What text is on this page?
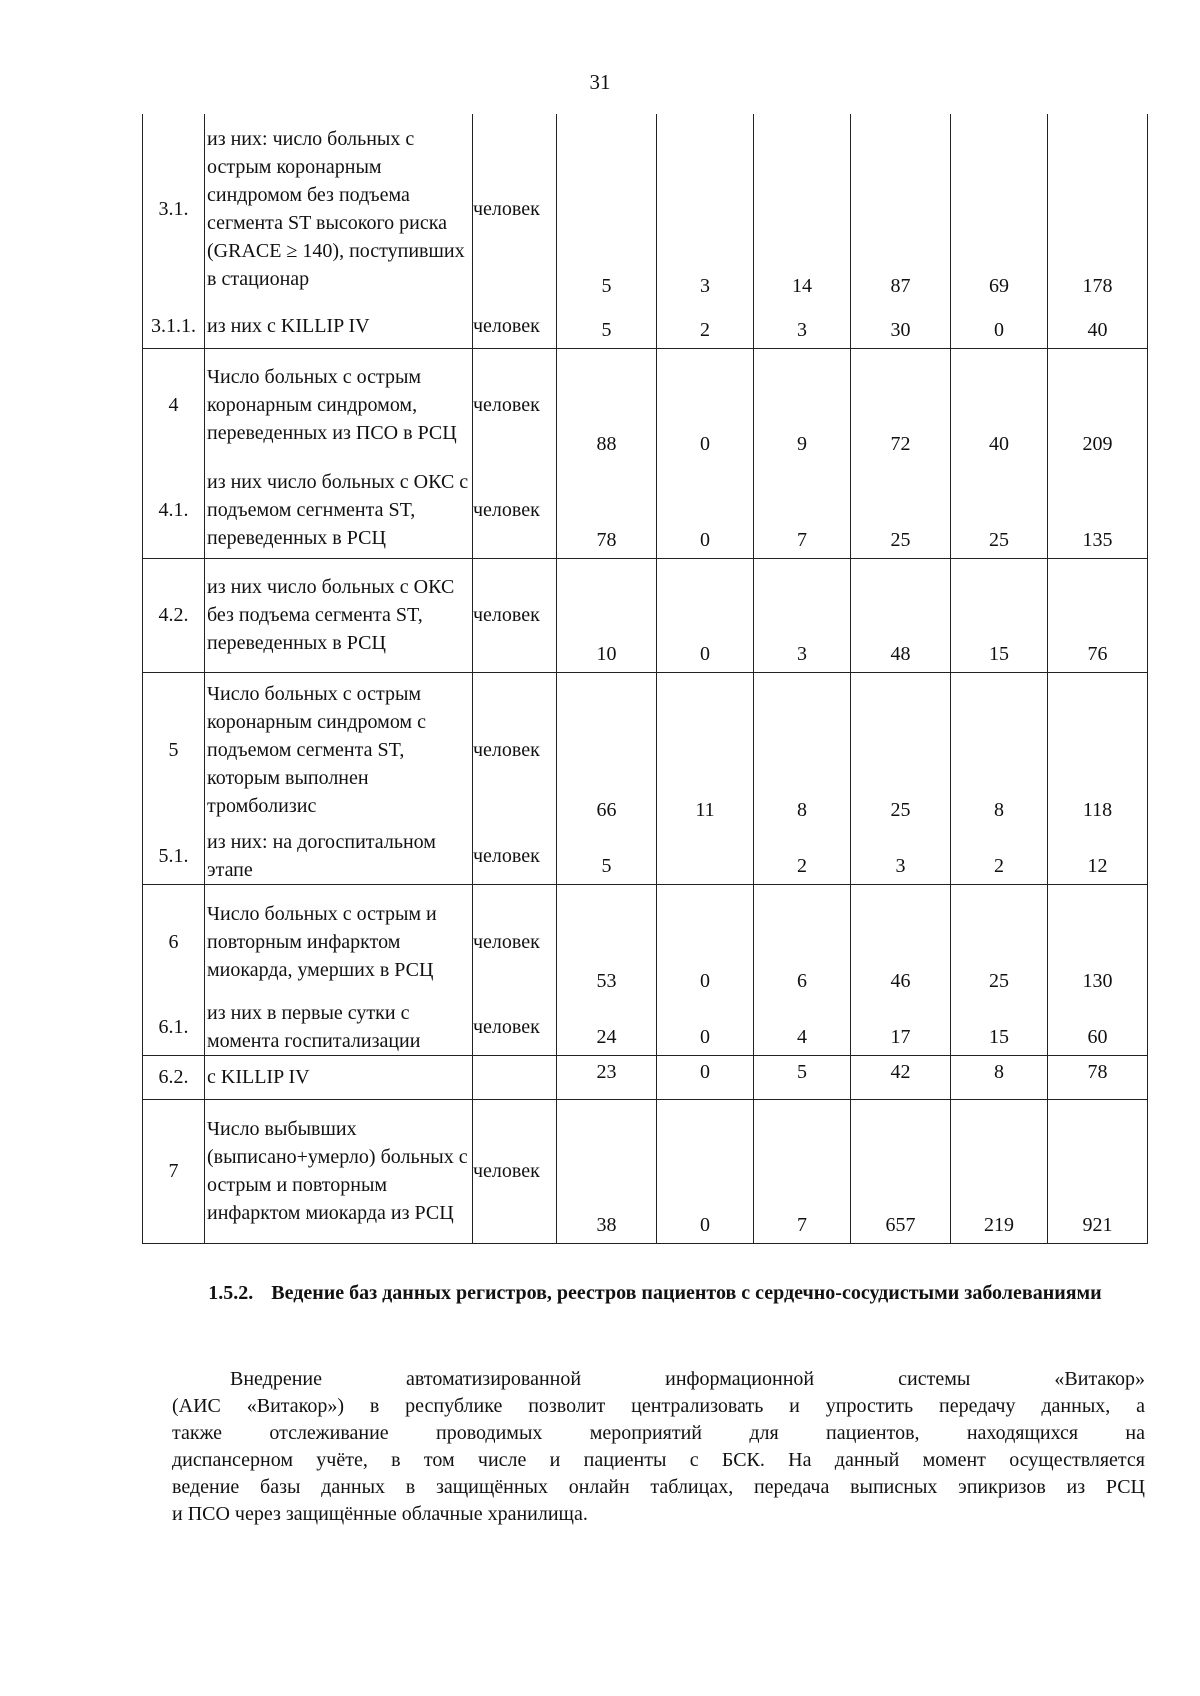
31
3.1.	из них: число больных с острым коронарным синдромом без подъема сегмента ST высокого риска (GRACE ≥ 140), поступивших в стационар	человек	5	3	14	87	69	178
3.1.1.	из них с KILLIP IV	человек	5	2	3	30	0	40
4	Число больных с острым коронарным синдромом, переведенных из ПСО в РСЦ	человек	88	0	9	72	40	209
4.1.	из них число больных с ОКС с подъемом сегнмента ST, переведенных в РСЦ	человек	78	0	7	25	25	135
4.2.	из них число больных с ОКС без подъема сегмента ST, переведенных в РСЦ	человек	10	0	3	48	15	76
5	Число больных с острым коронарным синдромом с подъемом сегмента ST, которым выполнен тромболизис	человек	66	11	8	25	8	118
5.1.	из них: на догоспитальном этапе	человек	5		2	3	2	12
6	Число больных с острым и повторным инфарктом миокарда, умерших в РСЦ	человек	53	0	6	46	25	130
6.1.	из них в первые сутки с момента госпитализации	человек	24	0	4	17	15	60
6.2.	с KILLIP IV		23	0	5	42	8	78
7	Число выбывших (выписано+умерло) больных с острым и повторным инфарктом миокарда из РСЦ	человек	38	0	7	657	219	921
1.5.2. Ведение баз данных регистров, реестров пациентов с сердечно-сосудистыми заболеваниями
Внедрение автоматизированной информационной системы «Витакор»
(АИС «Витакор») в республике позволит централизовать и упростить передачу данных, а
также отслеживание проводимых мероприятий для пациентов, находящихся на
диспансерном учёте, в том числе и пациенты с БСК. На данный момент осуществляется
ведение базы данных в защищённых онлайн таблицах, передача выписных эпикризов из РСЦ
и ПСО через защищённые облачные хранилища.
